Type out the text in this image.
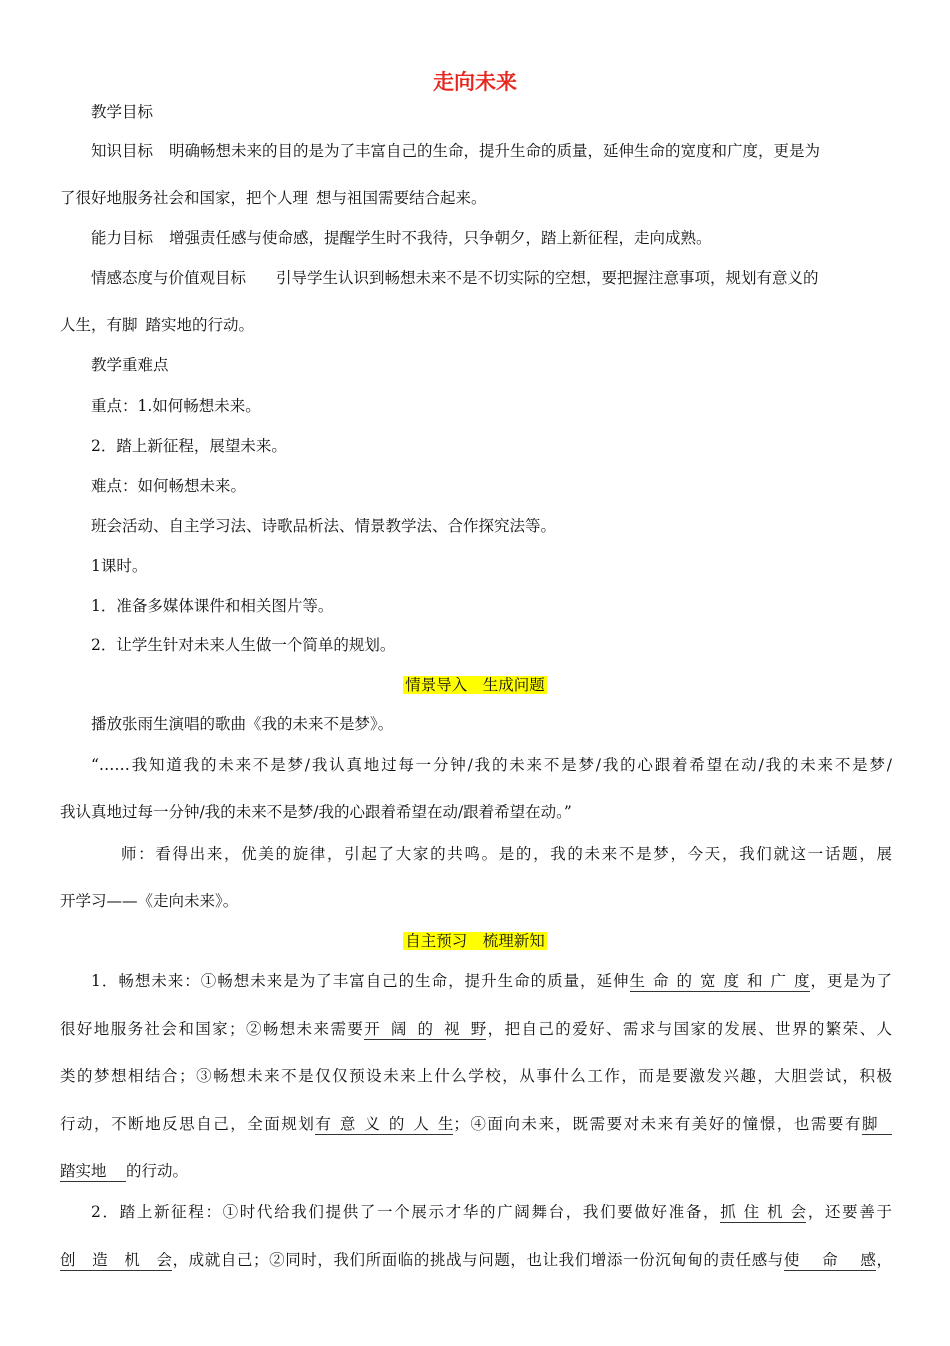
走向未来
教学目标
知识目标 明确畅想未来的目的是为了丰富自己的生命，提升生命的质量，延伸生命的宽度和广度，更是为
了很好地服务社会和国家，把个人理 想与祖国需要结合起来。
能力目标 增强责任感与使命感，提醒学生时不我待，只争朝夕，踏上新征程，走向成熟。
情感态度与价值观目标 引导学生认识到畅想未来不是不切实际的空想，要把握注意事项，规划有意义的
人生，有脚 踏实地的行动。
教学重难点
重点：1.如何畅想未来。
2．踏上新征程，展望未来。
难点：如何畅想未来。
班会活动、自主学习法、诗歌品析法、情景教学法、合作探究法等。
1课时。
1．准备多媒体课件和相关图片等。
2．让学生针对未来人生做一个简单的规划。
情景导入　生成问题
播放张雨生演唱的歌曲《我的未来不是梦》。
“……我知道我的未来不是梦/我认真地过每一分钟/我的未来不是梦/我的心跟着希望在动/我的未来不是梦/
我认真地过每一分钟/我的未来不是梦/我的心跟着希望在动/跟着希望在动。”
师：看得出来，优美的旋律，引起了大家的共鸣。是的，我的未来不是梦，今天，我们就这一话题，展
开学习——《走向未来》。
自主预习　梳理新知
1．畅想未来：①畅想未来是为了丰富自己的生命，提升生命的质量，延伸生命的宽度和广度，更是为了
很好地服务社会和国家；②畅想未来需要开阔的视野，把自己的爱好、需求与国家的发展、世界的繁荣、人
类的梦想相结合；③畅想未来不是仅仅预设未来上什么学校，从事什么工作，而是要激发兴趣，大胆尝试，积极
行动，不断地反思自己，全面规划有意义的人生；④面向未来，既需要对未来有美好的憧憬，也需要有脚
踏实地 的行动。
2．踏上新征程：①时代给我们提供了一个展示才华的广阔舞台，我们要做好准备，抓住机会，还要善于
创造机会，成就自己；②同时，我们所面临的挑战与问题，也让我们增添一份沉甸甸的责任感与使命感，
